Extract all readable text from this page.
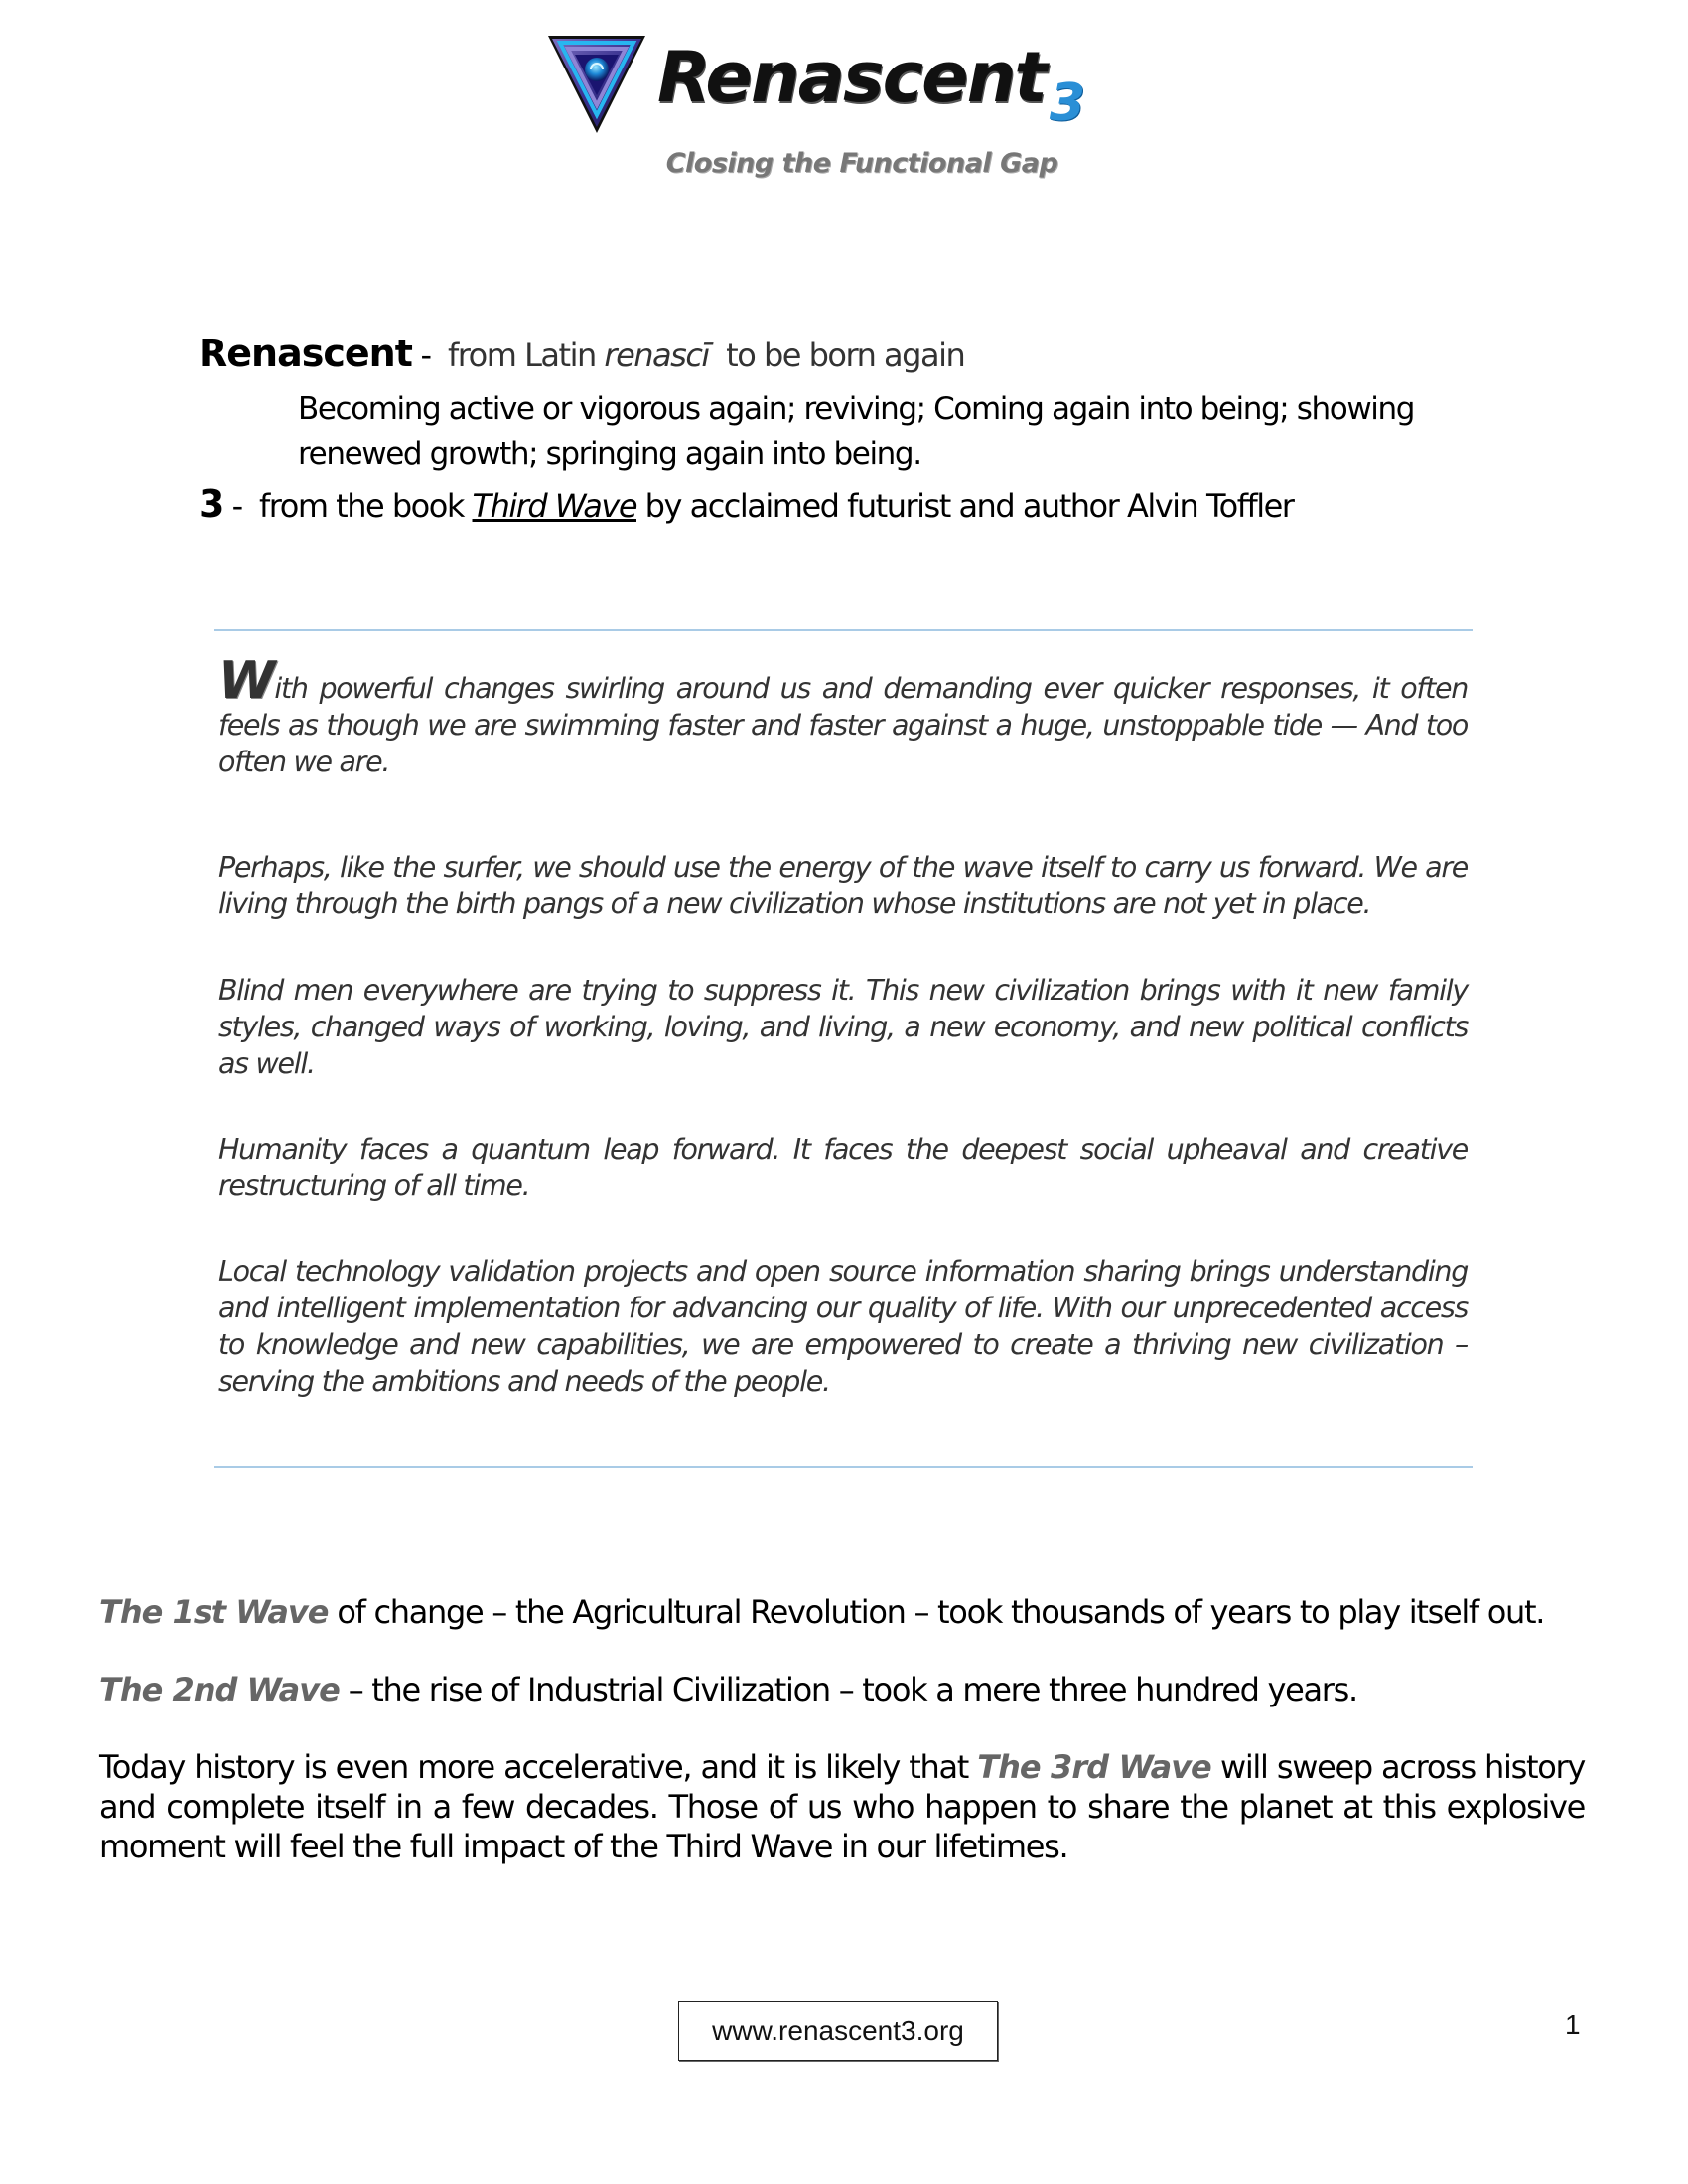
Renascent 3
Closing the Functional Gap
Renascent -  from Latin renascī  to be born again
Becoming active or vigorous again; reviving; Coming again into being; showing
renewed growth; springing again into being.
3 -  from the book Third Wave by acclaimed futurist and author Alvin Toffler
With powerful changes swirling around us and demanding ever quicker responses, it often feels as though we are swimming faster and faster against a huge, unstoppable tide — And too often we are.
Perhaps, like the surfer, we should use the energy of the wave itself to carry us forward. We are living through the birth pangs of a new civilization whose institutions are not yet in place.
Blind men everywhere are trying to suppress it. This new civilization brings with it new family styles, changed ways of working, loving, and living, a new economy, and new political conflicts as well.
Humanity faces a quantum leap forward. It faces the deepest social upheaval and creative restructuring of all time.
Local technology validation projects and open source information sharing brings understanding and intelligent implementation for advancing our quality of life. With our unprecedented access to knowledge and new capabilities, we are empowered to create a thriving new civilization – serving the ambitions and needs of the people.
The 1st Wave of change – the Agricultural Revolution – took thousands of years to play itself out.
The 2nd Wave – the rise of Industrial Civilization – took a mere three hundred years.
Today history is even more accelerative, and it is likely that The 3rd Wave will sweep across history and complete itself in a few decades. Those of us who happen to share the planet at this explosive moment will feel the full impact of the Third Wave in our lifetimes.
www.renascent3.org	1
